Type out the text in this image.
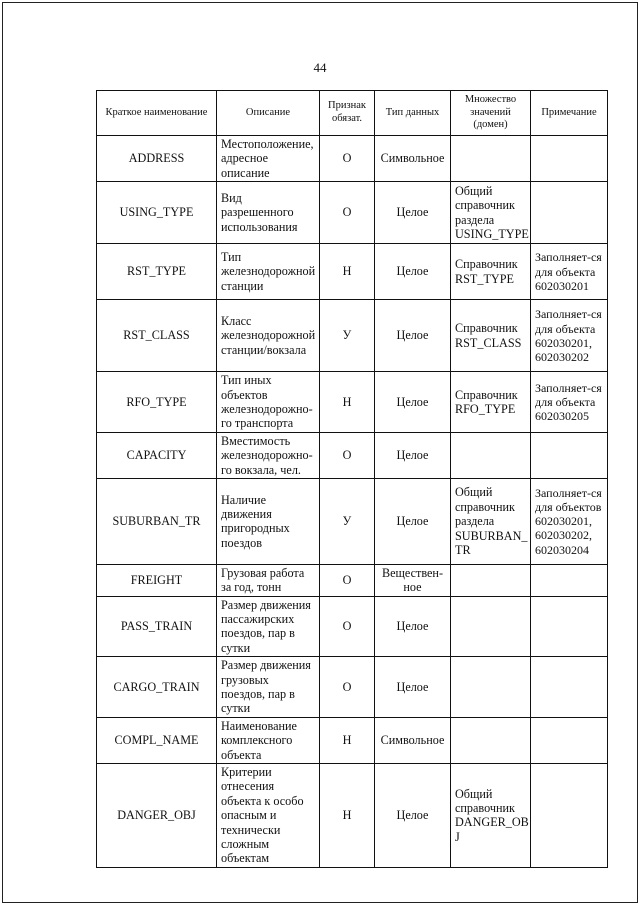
44
Краткое наименование	Описание	Признак обязат.	Тип данных	Множество значений (домен)	Примечание
ADDRESS	Местоположение, адресное описание	О	Символьное		
USING_TYPE	Вид разрешенного использования	О	Целое	Общий справочник раздела USING_TYPE	
RST_TYPE	Тип железнодорожной станции	Н	Целое	Справочник RST_TYPE	Заполняет-ся для объекта 602030201
RST_CLASS	Класс железнодорожной станции/вокзала	У	Целое	Справочник RST_CLASS	Заполняет-ся для объекта 602030201, 602030202
RFO_TYPE	Тип иных объектов железнодорожно-го транспорта	Н	Целое	Справочник RFO_TYPE	Заполняет-ся для объекта 602030205
CAPACITY	Вместимость железнодорожно-го вокзала, чел.	О	Целое		
SUBURBAN_TR	Наличие движения пригородных поездов	У	Целое	Общий справочник раздела SUBURBAN_ TR	Заполняет-ся для объектов 602030201, 602030202, 602030204
FREIGHT	Грузовая работа за год, тонн	О	Веществен-ное		
PASS_TRAIN	Размер движения пассажирских поездов, пар в сутки	О	Целое		
CARGO_TRAIN	Размер движения грузовых поездов, пар в сутки	О	Целое		
COMPL_NAME	Наименование комплексного объекта	Н	Символьное		
DANGER_OBJ	Критерии отнесения объекта к особо опасным и технически сложным объектам	Н	Целое	Общий справочник DANGER_OB J	
